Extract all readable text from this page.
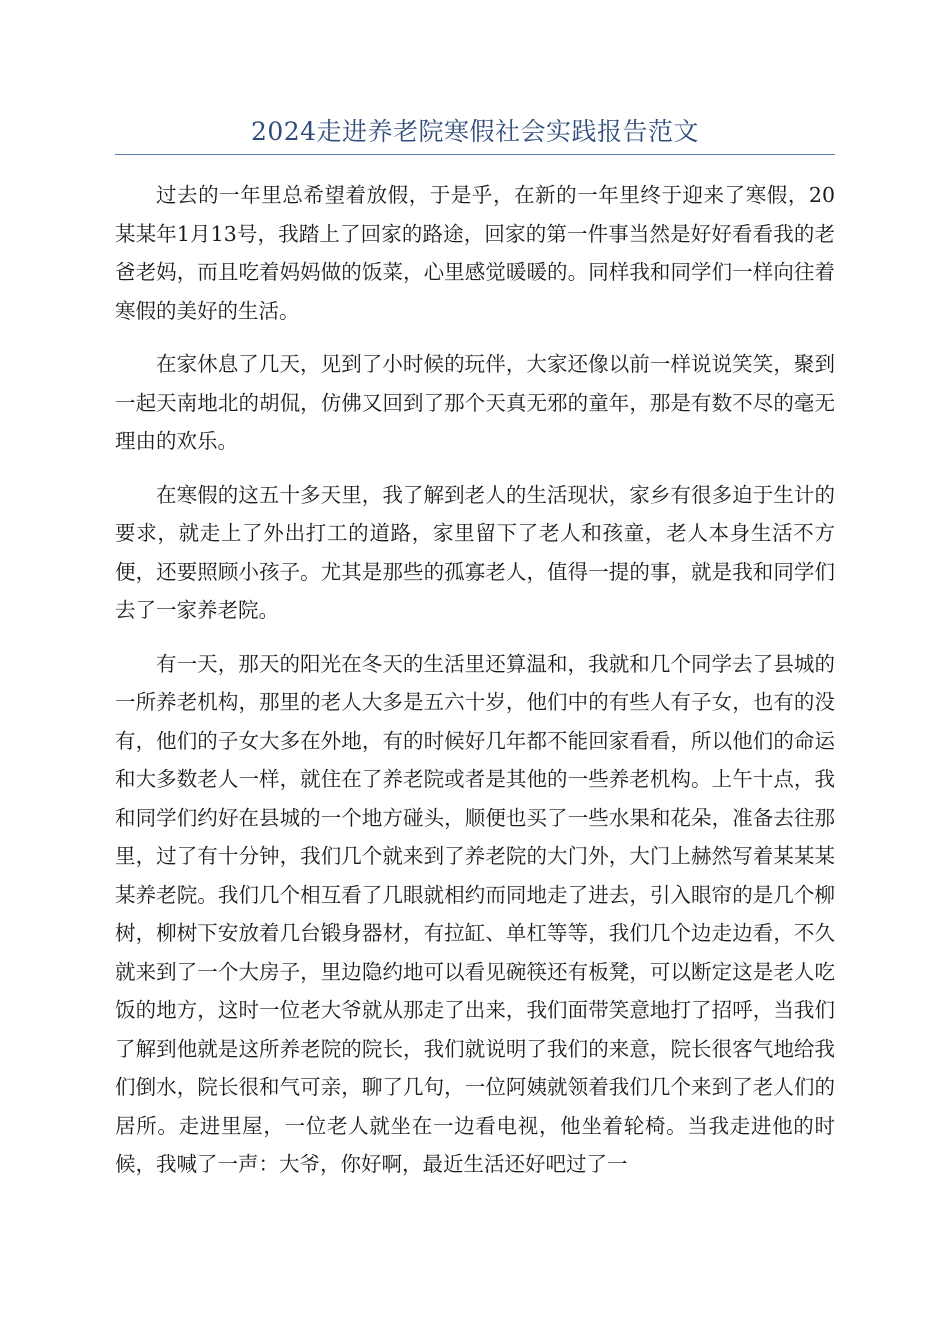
2024走进养老院寒假社会实践报告范文

过去的一年里总希望着放假，于是乎，在新的一年里终于迎来了寒假，20某某年1月13号，我踏上了回家的路途，回家的第一件事当然是好好看看我的老爸老妈，而且吃着妈妈做的饭菜，心里感觉暖暖的。同样我和同学们一样向往着寒假的美好的生活。

在家休息了几天，见到了小时候的玩伴，大家还像以前一样说说笑笑，聚到一起天南地北的胡侃，仿佛又回到了那个天真无邪的童年，那是有数不尽的毫无理由的欢乐。

在寒假的这五十多天里，我了解到老人的生活现状，家乡有很多迫于生计的要求，就走上了外出打工的道路，家里留下了老人和孩童，老人本身生活不方便，还要照顾小孩子。尤其是那些的孤寡老人，值得一提的事，就是我和同学们去了一家养老院。

有一天，那天的阳光在冬天的生活里还算温和，我就和几个同学去了县城的一所养老机构，那里的老人大多是五六十岁，他们中的有些人有子女，也有的没有，他们的子女大多在外地，有的时候好几年都不能回家看看，所以他们的命运和大多数老人一样，就住在了养老院或者是其他的一些养老机构。上午十点，我和同学们约好在县城的一个地方碰头，顺便也买了一些水果和花朵，准备去往那里，过了有十分钟，我们几个就来到了养老院的大门外，大门上赫然写着某某某某养老院。我们几个相互看了几眼就相约而同地走了进去，引入眼帘的是几个柳树，柳树下安放着几台锻身器材，有拉缸、单杠等等，我们几个边走边看，不久就来到了一个大房子，里边隐约地可以看见碗筷还有板凳，可以断定这是老人吃饭的地方，这时一位老大爷就从那走了出来，我们面带笑意地打了招呼，当我们了解到他就是这所养老院的院长，我们就说明了我们的来意，院长很客气地给我们倒水，院长很和气可亲，聊了几句，一位阿姨就领着我们几个来到了老人们的居所。走进里屋，一位老人就坐在一边看电视，他坐着轮椅。当我走进他的时候，我喊了一声：大爷，你好啊，最近生活还好吧过了一
